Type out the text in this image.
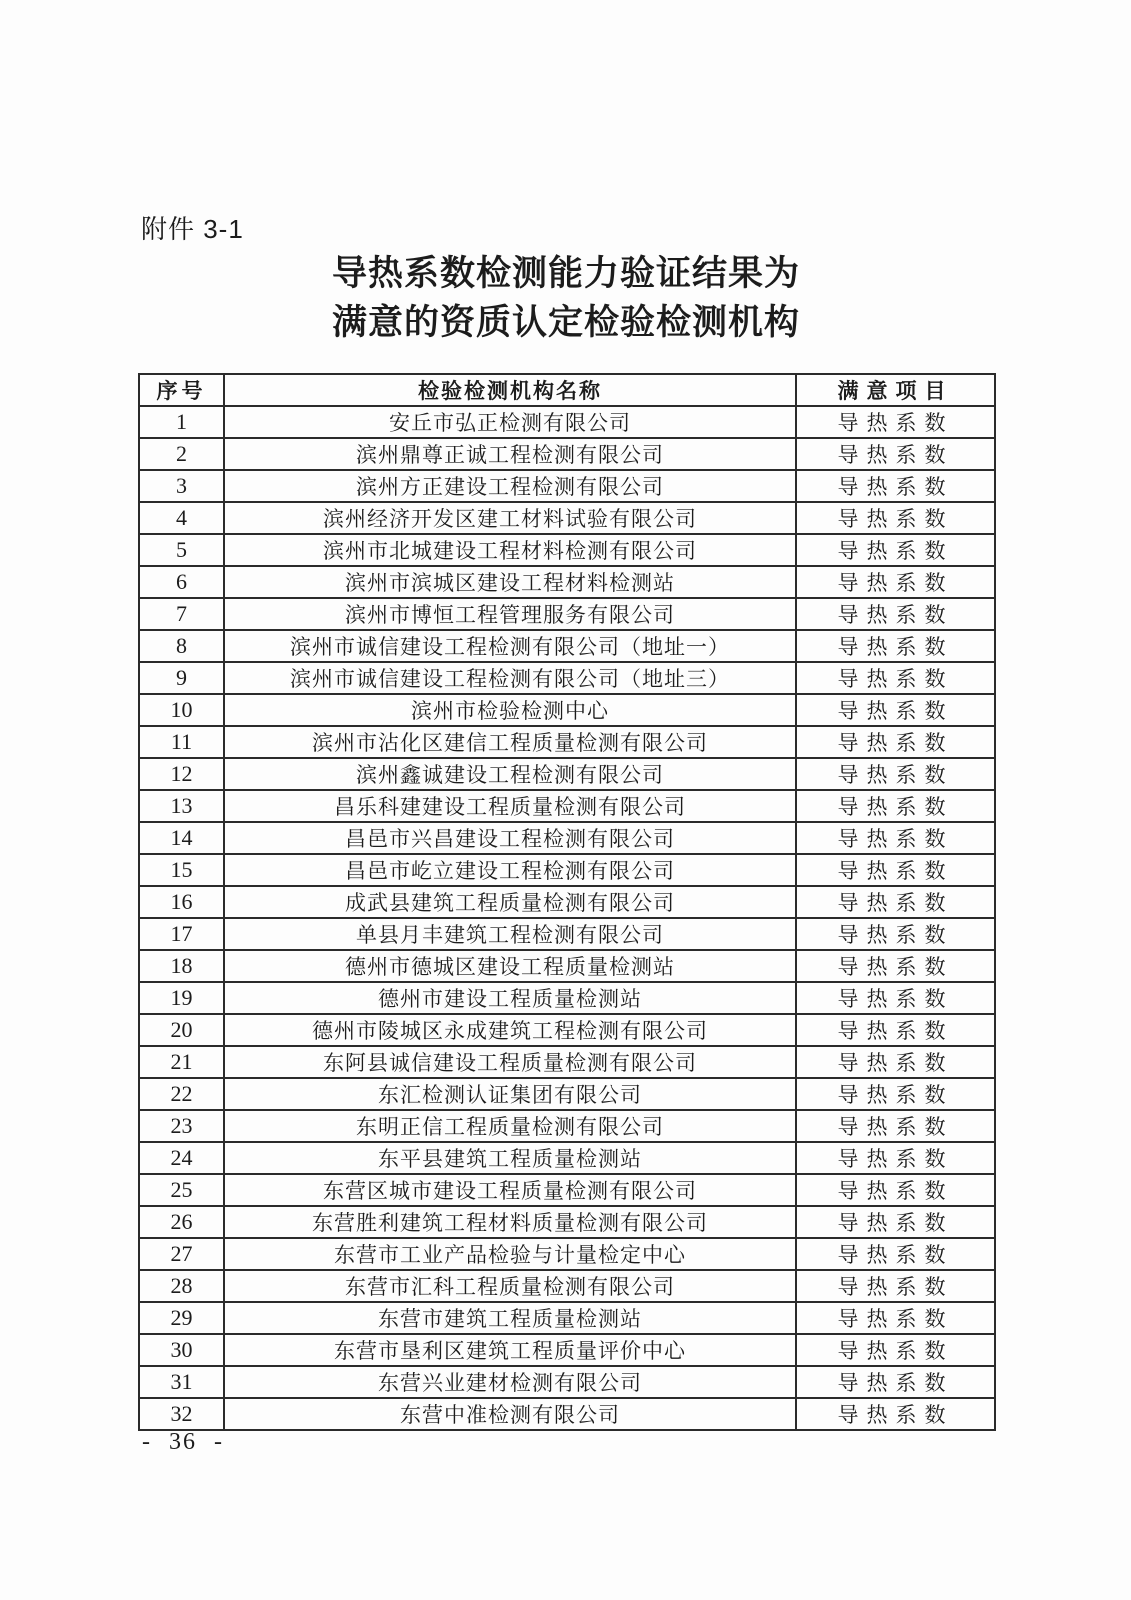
附件 3-1
导热系数检测能力验证结果为
满意的资质认定检验检测机构
序号	检验检测机构名称	满意项目
1	安丘市弘正检测有限公司	导热系数
2	滨州鼎尊正诚工程检测有限公司	导热系数
3	滨州方正建设工程检测有限公司	导热系数
4	滨州经济开发区建工材料试验有限公司	导热系数
5	滨州市北城建设工程材料检测有限公司	导热系数
6	滨州市滨城区建设工程材料检测站	导热系数
7	滨州市博恒工程管理服务有限公司	导热系数
8	滨州市诚信建设工程检测有限公司（地址一）	导热系数
9	滨州市诚信建设工程检测有限公司（地址三）	导热系数
10	滨州市检验检测中心	导热系数
11	滨州市沾化区建信工程质量检测有限公司	导热系数
12	滨州鑫诚建设工程检测有限公司	导热系数
13	昌乐科建建设工程质量检测有限公司	导热系数
14	昌邑市兴昌建设工程检测有限公司	导热系数
15	昌邑市屹立建设工程检测有限公司	导热系数
16	成武县建筑工程质量检测有限公司	导热系数
17	单县月丰建筑工程检测有限公司	导热系数
18	德州市德城区建设工程质量检测站	导热系数
19	德州市建设工程质量检测站	导热系数
20	德州市陵城区永成建筑工程检测有限公司	导热系数
21	东阿县诚信建设工程质量检测有限公司	导热系数
22	东汇检测认证集团有限公司	导热系数
23	东明正信工程质量检测有限公司	导热系数
24	东平县建筑工程质量检测站	导热系数
25	东营区城市建设工程质量检测有限公司	导热系数
26	东营胜利建筑工程材料质量检测有限公司	导热系数
27	东营市工业产品检验与计量检定中心	导热系数
28	东营市汇科工程质量检测有限公司	导热系数
29	东营市建筑工程质量检测站	导热系数
30	东营市垦利区建筑工程质量评价中心	导热系数
31	东营兴业建材检测有限公司	导热系数
32	东营中准检测有限公司	导热系数
- 36 -
